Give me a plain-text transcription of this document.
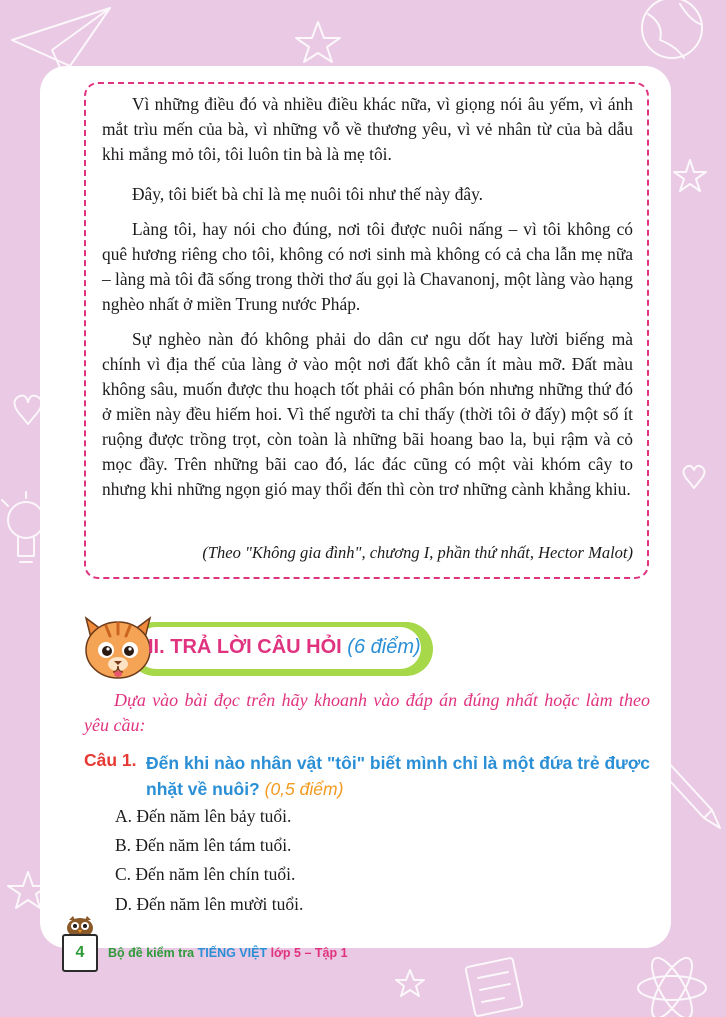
Vì những điều đó và nhiều điều khác nữa, vì giọng nói âu yếm, vì ánh mắt trìu mến của bà, vì những vỗ về thương yêu, vì vẻ nhân từ của bà dẫu khi mắng mỏ tôi, tôi luôn tin bà là mẹ tôi.

Đây, tôi biết bà chỉ là mẹ nuôi tôi như thế này đây.

Làng tôi, hay nói cho đúng, nơi tôi được nuôi nấng – vì tôi không có quê hương riêng cho tôi, không có nơi sinh mà không có cả cha lẫn mẹ nữa – làng mà tôi đã sống trong thời thơ ấu gọi là Chavanonj, một làng vào hạng nghèo nhất ở miền Trung nước Pháp.

Sự nghèo nàn đó không phải do dân cư ngu dốt hay lười biếng mà chính vì địa thế của làng ở vào một nơi đất khô cằn ít màu mỡ. Đất màu không sâu, muốn được thu hoạch tốt phải có phân bón nhưng những thứ đó ở miền này đều hiếm hoi. Vì thế người ta chỉ thấy (thời tôi ở đấy) một số ít ruộng được trồng trọt, còn toàn là những bãi hoang bao la, bụi rậm và cỏ mọc đầy. Trên những bãi cao đó, lác đác cũng có một vài khóm cây to nhưng khi những ngọn gió may thổi đến thì còn trơ những cành khẳng khiu.

(Theo "Không gia đình", chương I, phần thứ nhất, Hector Malot)
II. TRẢ LỜI CÂU HỎI (6 điểm)

Dựa vào bài đọc trên hãy khoanh vào đáp án đúng nhất hoặc làm theo yêu cầu:

Câu 1. Đến khi nào nhân vật "tôi" biết mình chỉ là một đứa trẻ được nhặt về nuôi? (0,5 điểm)

A. Đến năm lên bảy tuổi.
B. Đến năm lên tám tuổi.
C. Đến năm lên chín tuổi.
D. Đến năm lên mười tuổi.
4	Bộ đề kiểm tra TIẾNG VIỆT lớp 5 – Tập 1
